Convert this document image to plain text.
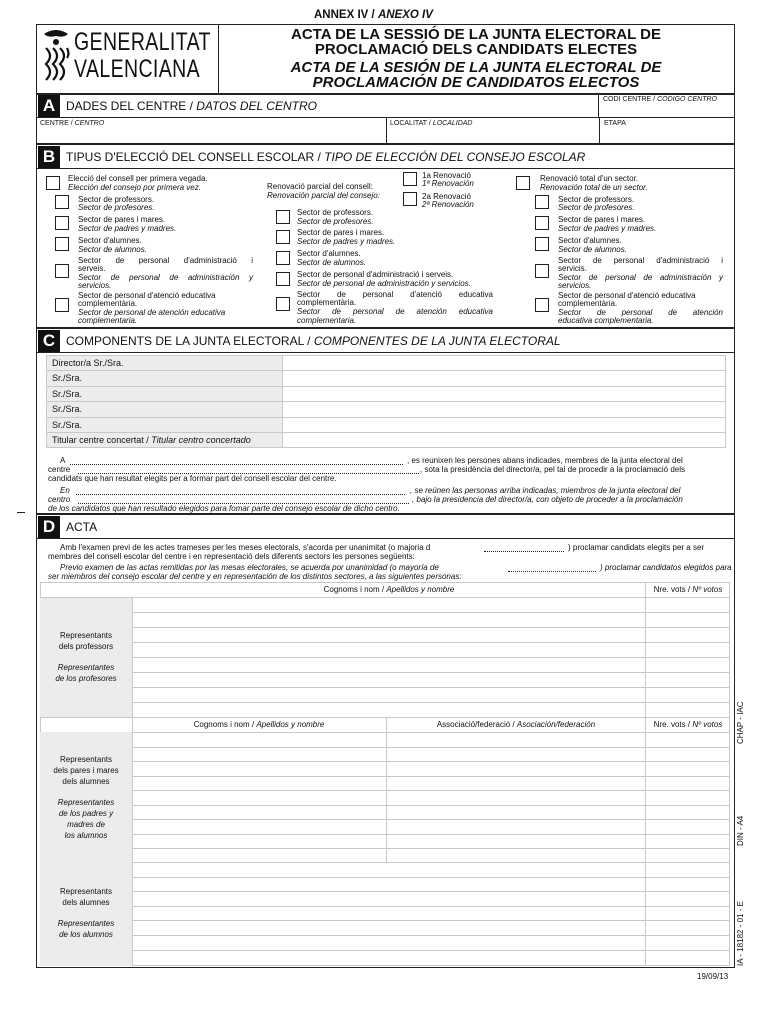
ANNEX IV / ANEXO IV
GENERALITAT
VALENCIANA
ACTA DE LA SESSIÓ DE LA JUNTA ELECTORAL DE
PROCLAMACIÓ DELS CANDIDATS ELECTES
ACTA DE LA SESIÓN DE LA JUNTA ELECTORAL DE
PROCLAMACIÓN DE CANDIDATOS ELECTOS
A DADES DEL CENTRE / DATOS DEL CENTRO	CODI CENTRE / CÓDIGO CENTRO
CENTRE / CENTRO	LOCALITAT / LOCALIDAD	ETAPA
B TIPUS D'ELECCIÓ DEL CONSELL ESCOLAR / TIPO DE ELECCIÓN DEL CONSEJO ESCOLAR
Elecció del consell per primera vegada.
Elección del consejo por primera vez.
Sector de professors.
Sector de profesores.
Sector de pares i mares.
Sector de padres y madres.
Sector d'alumnes.
Sector de alumnos.
Sector de personal d'administració i
serveis.
Sector de personal de administración y
servicios.
Sector de personal d'atenció educativa
complementària.
Sector de personal de atención educativa
complementaria.
Renovació parcial del consell:
Renovación parcial del consejo:
1a Renovació
1ª Renovación
2a Renovació
2ª Renovación
Sector de professors.
Sector de profesores.
Sector de pares i mares.
Sector de padres y madres.
Sector d'alumnes.
Sector de alumnos.
Sector de personal d'administració i serveis.
Sector de personal de administración y servicios.
Sector de personal d'atenció educativa
complementària.
Sector de personal de atención educativa
complementaria.
Renovació total d'un sector.
Renovación total de un sector.
Sector de professors.
Sector de profesores.
Sector de pares i mares.
Sector de padres y madres.
Sector d'alumnes.
Sector de alumnos.
Sector de personal d'administració i
servicis.
Sector de personal de administración y
servicios.
Sector de personal d'atenció educativa
complementària.
Sector de personal de atención
educativa complementaria.
C COMPONENTS DE LA JUNTA ELECTORAL / COMPONENTES DE LA JUNTA ELECTORAL
Director/a Sr./Sra.
Sr./Sra.
Sr./Sra.
Sr./Sra.
Sr./Sra.
Titular centre concertat / Titular centro concertado
A	, es reunixen les persones abans indicades, membres de la junta electoral del
centre	, sota la presidència del director/a, pel tal de procedir a la proclamació dels
candidats que han resultat elegits per a formar part del consell escolar del centre.
En	, se reúnen las personas arriba indicadas, miembros de la junta electoral del
centro	, bajo la presidencia del director/a, con objeto de proceder a la proclamación
de los candidatos que han resultado elegidos para fomar parte del consejo escolar de dicho centro.
D ACTA
Amb l'examen previ de les actes trameses per les meses electorals, s'acorda per unanimitat (o majoria d	) proclamar candidats elegits per a ser
membres del consell escolar del centre i en representació dels diferents sectors les persones següents:
Previo examen de las actas remitidas por las mesas electorales, se acuerda por unanimidad (o mayoría de	) proclamar candidatos elegidos para
ser miembros del consejo escolar del centre y en representación de los distintos sectores, a las siguientes personas:
Cognoms i nom / Apellidos y nombre	Nre. vots / Nº votos
Representants
dels professors
Representantes
de los profesores
Cognoms i nom / Apellidos y nombre	Associació/federació / Asociación/federación	Nre. vots / Nº votos
Representants
dels pares i mares
dels alumnes
Representantes
de los padres y
madres de
los alumnos
Representants
dels alumnes
Representantes
de los alumnos
CHAP - IAC
DIN - A4
IA - 18182 - 01 - E
19/09/13
